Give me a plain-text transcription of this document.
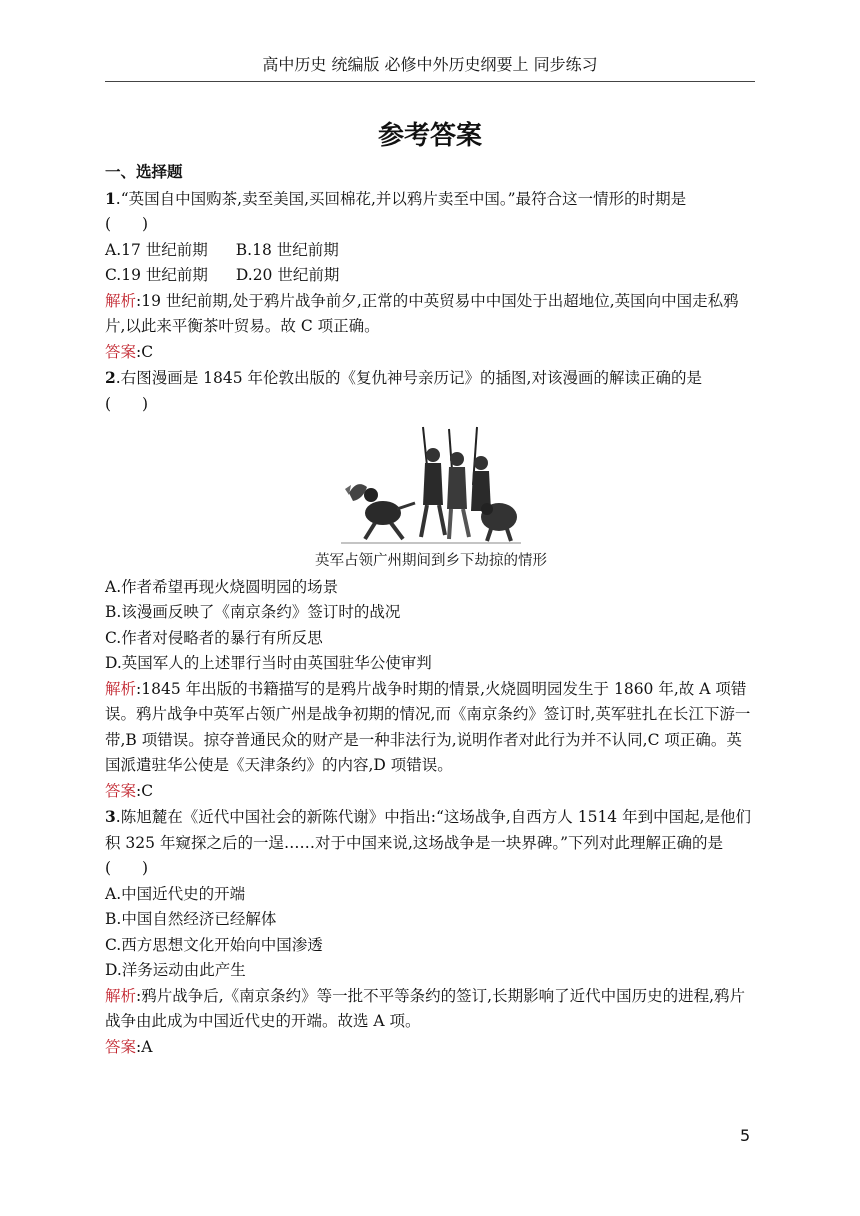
高中历史 统编版 必修中外历史纲要上 同步练习
参考答案

一、选择题

1.“英国自中国购茶,卖至美国,买回棉花,并以鸦片卖至中国。”最符合这一情形的时期是

(　　)

A.17 世纪前期 B.18 世纪前期
C.19 世纪前期 D.20 世纪前期

解析:19 世纪前期,处于鸦片战争前夕,正常的中英贸易中中国处于出超地位,英国向中国走私鸦片,以此来平衡茶叶贸易。故 C 项正确。

答案:C

2.右图漫画是 1845 年伦敦出版的《复仇神号亲历记》的插图,对该漫画的解读正确的是

(　　)

英军占领广州期间到乡下劫掠的情形

A.作者希望再现火烧圆明园的场景

B.该漫画反映了《南京条约》签订时的战况

C.作者对侵略者的暴行有所反思

D.英国军人的上述罪行当时由英国驻华公使审判

解析:1845 年出版的书籍描写的是鸦片战争时期的情景,火烧圆明园发生于 1860 年,故 A 项错误。鸦片战争中英军占领广州是战争初期的情况,而《南京条约》签订时,英军驻扎在长江下游一带,B 项错误。掠夺普通民众的财产是一种非法行为,说明作者对此行为并不认同,C 项正确。英国派遣驻华公使是《天津条约》的内容,D 项错误。

答案:C

3.陈旭麓在《近代中国社会的新陈代谢》中指出:“这场战争,自西方人 1514 年到中国起,是他们积 325 年窥探之后的一逞……对于中国来说,这场战争是一块界碑。”下列对此理解正确的是(　　)

A.中国近代史的开端

B.中国自然经济已经解体

C.西方思想文化开始向中国渗透

D.洋务运动由此产生

解析:鸦片战争后,《南京条约》等一批不平等条约的签订,长期影响了近代中国历史的进程,鸦片战争由此成为中国近代史的开端。故选 A 项。

答案:A

5
